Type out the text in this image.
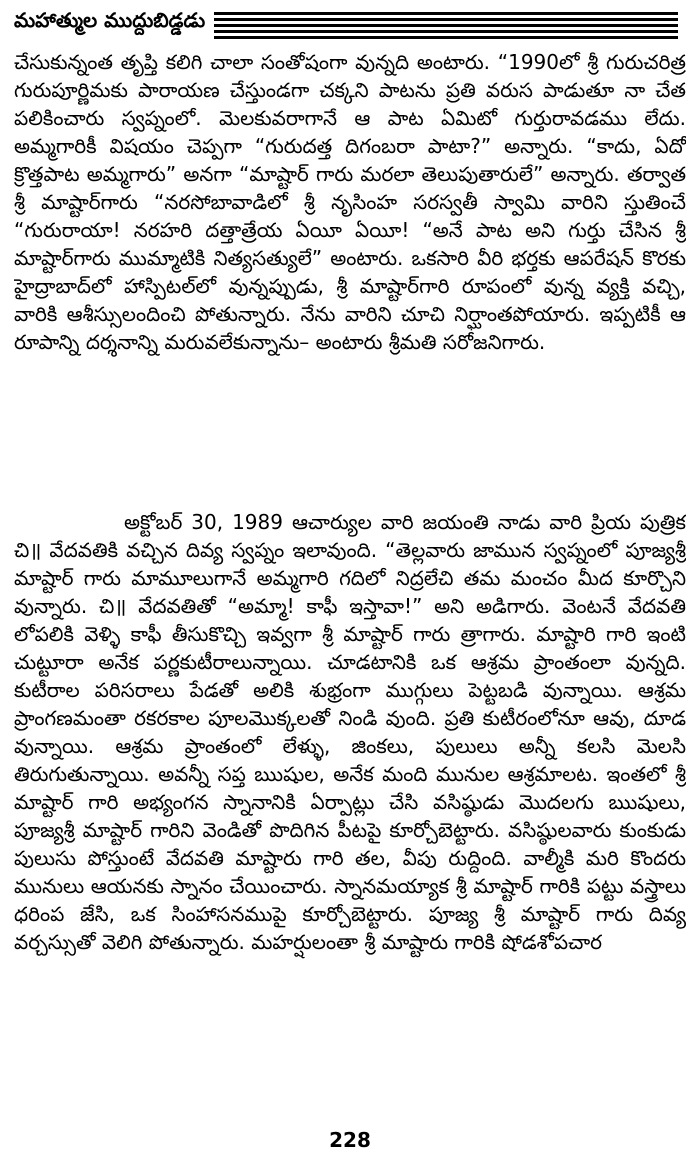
మహాత్ముల ముద్దుబిడ్డడు

చేసుకున్నంత తృప్తి కలిగి చాలా సంతోషంగా వున్నది అంటారు. “1990లో శ్రీ గురుచరిత్ర గురుపూర్ణిమకు పారాయణ చేస్తుండగా చక్కని పాటను ప్రతి వరుస పాడుతూ నా చేత పలికించారు స్వప్నంలో. మెలకువరాగానే ఆ పాట ఏమిటో గుర్తురావడము లేదు. అమ్మగారికీ విషయం చెప్పగా “గురుదత్త దిగంబరా పాటా?” అన్నారు. “కాదు, ఏదో క్రొత్తపాట అమ్మగారు” అనగా “మాష్టార్ గారు మరలా తెలుపుతారులే” అన్నారు. తర్వాత శ్రీ మాష్టార్‌గారు “నరసోబావాడిలో శ్రీ నృసింహ సరస్వతీ స్వామి వారిని స్తుతించే “గురురాయా! నరహరి దత్తాత్రేయ ఏయీ ఏయీ! “అనే పాట అని గుర్తు చేసిన శ్రీ మాష్టార్‌గారు ముమ్మాటికి నిత్యసత్యులే” అంటారు. ఒకసారి వీరి భర్తకు ఆపరేషన్ కొరకు హైద్రాబాద్‌లో హాస్పిటల్‌లో వున్నప్పుడు, శ్రీ మాష్టార్‌గారి రూపంలో వున్న వ్యక్తి వచ్చి, వారికి ఆశీస్సులందించి పోతున్నారు. నేను వారిని చూచి నిర్ఘాంతపోయారు. ఇప్పటికీ ఆ రూపాన్ని దర్శనాన్ని మరువలేకున్నాను– అంటారు శ్రీమతి సరోజనిగారు.

అక్టోబర్ 30, 1989 ఆచార్యుల వారి జయంతి నాడు వారి ప్రియ పుత్రిక చి॥ వేదవతికి వచ్చిన దివ్య స్వప్నం ఇలావుంది. “తెల్లవారు జామున స్వప్నంలో పూజ్యశ్రీ మాష్టార్ గారు మామూలుగానే అమ్మగారి గదిలో నిద్రలేచి తమ మంచం మీద కూర్చొని వున్నారు. చి॥ వేదవతితో “అమ్మా! కాఫీ ఇస్తావా!” అని అడిగారు. వెంటనే వేదవతి లోపలికి వెళ్ళి కాఫీ తీసుకొచ్చి ఇవ్వగా శ్రీ మాష్టార్ గారు త్రాగారు. మాష్టారి గారి ఇంటి చుట్టూరా అనేక పర్ణకుటీరాలున్నాయి. చూడటానికి ఒక ఆశ్రమ ప్రాంతంలా వున్నది. కుటీరాల పరిసరాలు పేడతో అలికి శుభ్రంగా ముగ్గులు పెట్టబడి వున్నాయి. ఆశ్రమ ప్రాంగణమంతా రకరకాల పూలమొక్కలతో నిండి వుంది. ప్రతి కుటీరంలోనూ ఆవు, దూడ వున్నాయి. ఆశ్రమ ప్రాంతంలో లేళ్ళు, జింకలు, పులులు అన్నీ కలసి మెలసి తిరుగుతున్నాయి. అవన్నీ సప్త ఋషుల, అనేక మంది మునుల ఆశ్రమాలట. ఇంతలో శ్రీ మాష్టార్ గారి అభ్యంగన స్నానానికి ఏర్పాట్లు చేసి వసిష్ఠుడు మొదలగు ఋషులు, పూజ్యశ్రీ మాష్టార్ గారిని వెండితో పొదిగిన పీటపై కూర్చోబెట్టారు. వసిష్ఠులవారు కుంకుడు పులుసు పోస్తుంటే వేదవతి మాష్టారు గారి తల, వీపు రుద్దింది. వాల్మీకి మరి కొందరు మునులు ఆయనకు స్నానం చేయించారు. స్నానమయ్యాక శ్రీ మాష్టార్ గారికి పట్టు వస్త్రాలు ధరింప జేసి, ఒక సింహాసనముపై కూర్చోబెట్టారు. పూజ్య శ్రీ మాష్టార్ గారు దివ్య వర్చస్సుతో వెలిగి పోతున్నారు. మహర్షులంతా శ్రీ మాష్టారు గారికి షోడశోపచార

228
